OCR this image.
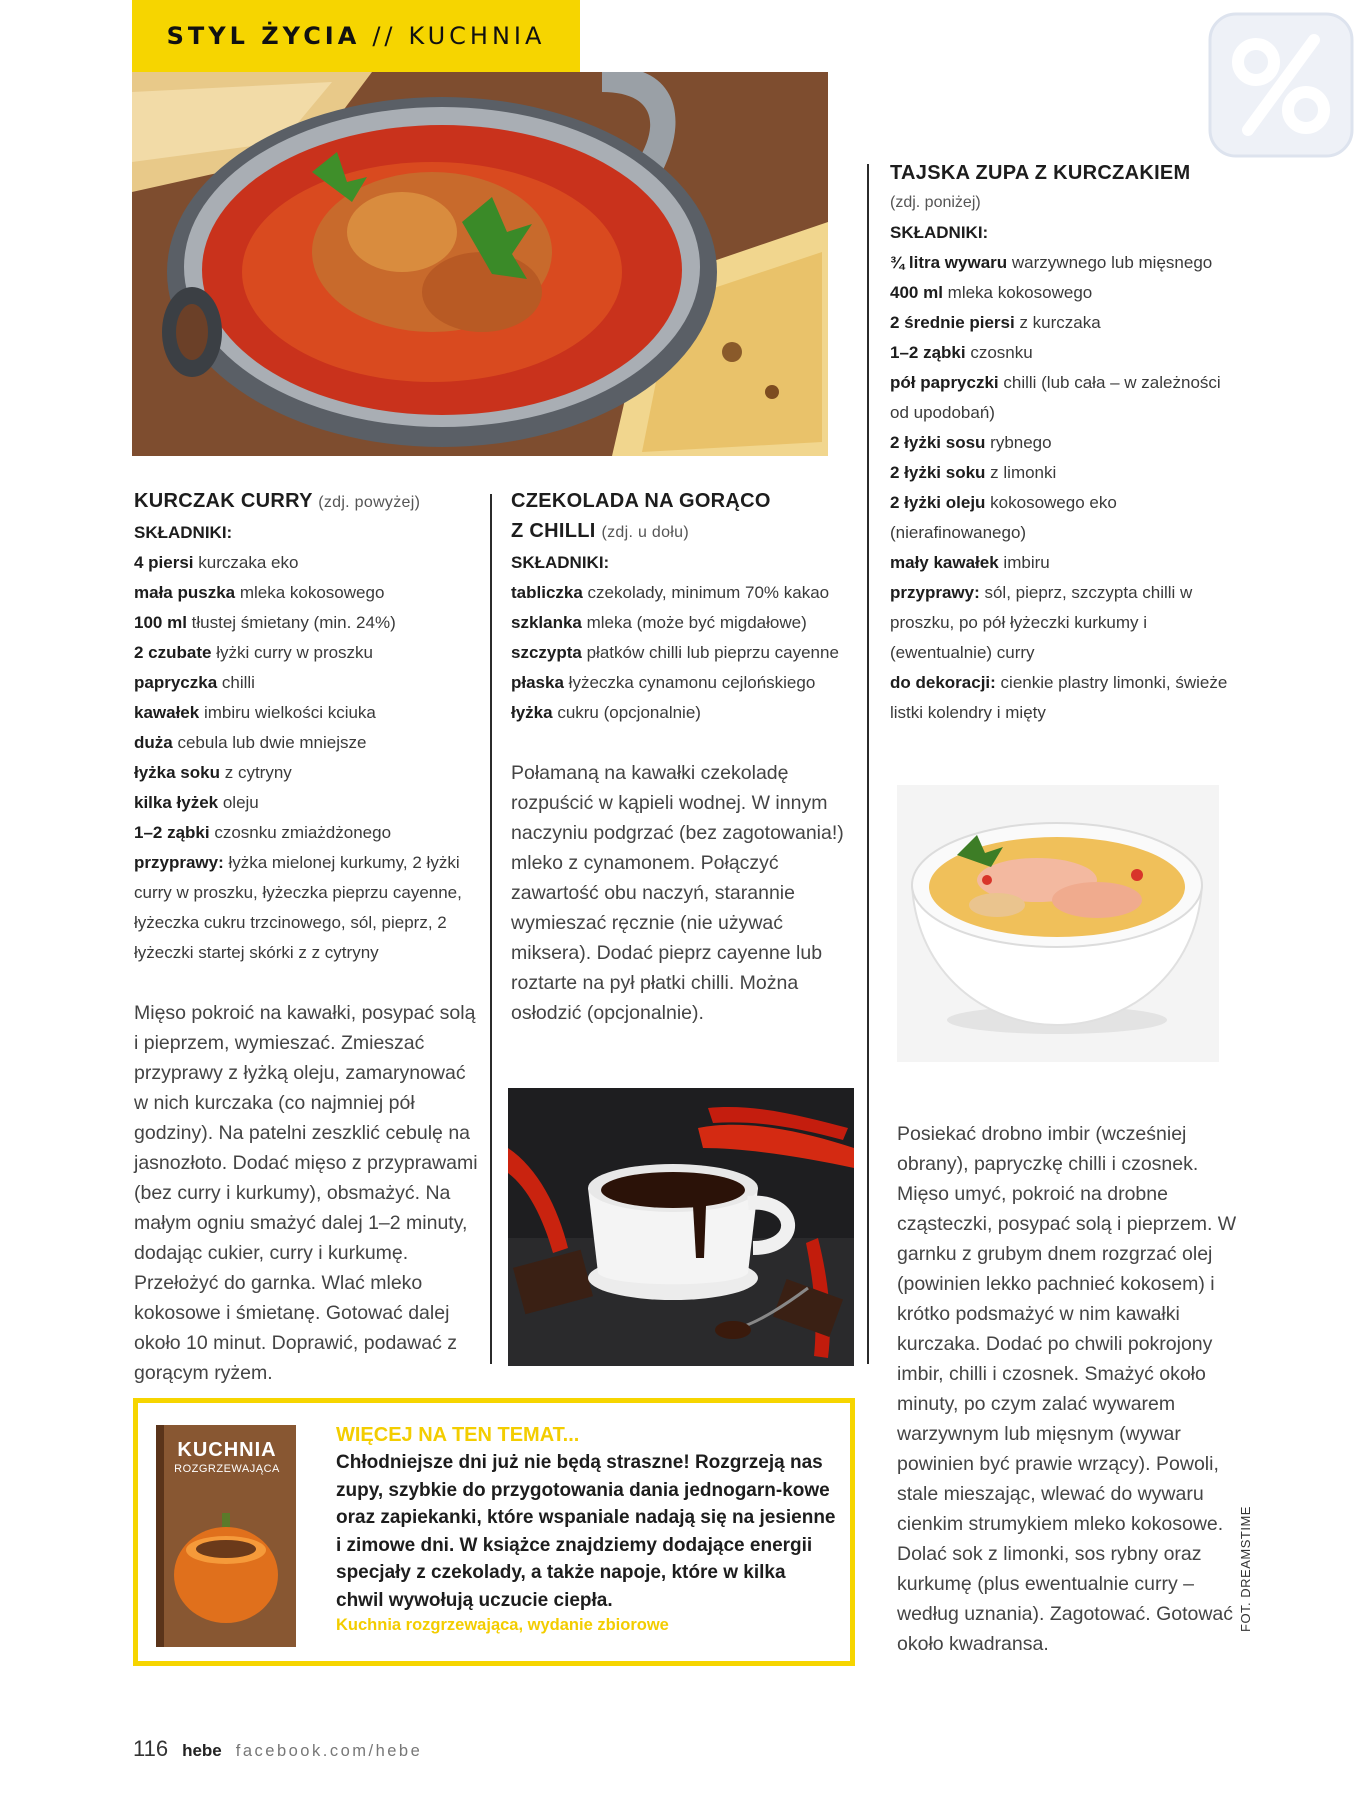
STYL ŻYCIA // KUCHNIA
KURCZAK CURRY (zdj. powyżej)
SKŁADNIKI:
4 piersi kurczaka eko
mała puszka mleka kokosowego
100 ml tłustej śmietany (min. 24%)
2 czubate łyżki curry w proszku
papryczka chilli
kawałek imbiru wielkości kciuka
duża cebula lub dwie mniejsze
łyżka soku z cytryny
kilka łyżek oleju
1–2 ząbki czosnku zmiażdżonego
przyprawy: łyżka mielonej kurkumy, 2 łyżki curry w proszku, łyżeczka pieprzu cayenne, łyżeczka cukru trzcinowego, sól, pieprz, 2 łyżeczki startej skórki z z cytryny

Mięso pokroić na kawałki, posypać solą i pieprzem, wymieszać. Zmieszać przyprawy z łyżką oleju, zamarynować w nich kurczaka (co najmniej pół godziny). Na patelni zeszklić cebulę na jasnozłoto. Dodać mięso z przyprawami (bez curry i kurkumy), obsmażyć. Na małym ogniu smażyć dalej 1–2 minuty, dodając cukier, curry i kurkumę. Przełożyć do garnka. Wlać mleko kokosowe i śmietanę. Gotować dalej około 10 minut. Doprawić, podawać z gorącym ryżem.

CZEKOLADA NA GORĄCO
Z CHILLI (zdj. u dołu)
SKŁADNIKI:
tabliczka czekolady, minimum 70% kakao
szklanka mleka (może być migdałowe)
szczypta płatków chilli lub pieprzu cayenne
płaska łyżeczka cynamonu cejlońskiego
łyżka cukru (opcjonalnie)

Połamaną na kawałki czekoladę rozpuścić w kąpieli wodnej. W innym naczyniu podgrzać (bez zagotowania!) mleko z cynamonem. Połączyć zawartość obu naczyń, starannie wymieszać ręcznie (nie używać miksera). Dodać pieprz cayenne lub roztarte na pył płatki chilli. Można osłodzić (opcjonalnie).

TAJSKA ZUPA Z KURCZAKIEM
(zdj. poniżej)
SKŁADNIKI:
¾ litra wywaru warzywnego lub mięsnego
400 ml mleka kokosowego
2 średnie piersi z kurczaka
1–2 ząbki czosnku
pół papryczki chilli (lub cała – w zależności od upodobań)
2 łyżki sosu rybnego
2 łyżki soku z limonki
2 łyżki oleju kokosowego eko (nierafinowanego)
mały kawałek imbiru
przyprawy: sól, pieprz, szczypta chilli w proszku, po pół łyżeczki kurkumy i (ewentualnie) curry
do dekoracji: cienkie plastry limonki, świeże listki kolendry i mięty

Posiekać drobno imbir (wcześniej obrany), papryczkę chilli i czosnek. Mięso umyć, pokroić na drobne cząsteczki, posypać solą i pieprzem. W garnku z grubym dnem rozgrzać olej (powinien lekko pachnieć kokosem) i krótko podsmażyć w nim kawałki kurczaka. Dodać po chwili pokrojony imbir, chilli i czosnek. Smażyć około minuty, po czym zalać wywarem warzywnym lub mięsnym (wywar powinien być prawie wrzący). Powoli, stale mieszając, wlewać do wywaru cienkim strumykiem mleko kokosowe. Dolać sok z limonki, sos rybny oraz kurkumę (plus ewentualnie curry – według uznania). Zagotować. Gotować około kwadransa.

KUCHNIA
ROZGRZEWAJĄCA
WIĘCEJ NA TEN TEMAT...
Chłodniejsze dni już nie będą straszne! Rozgrzeją nas zupy, szybkie do przygotowania dania jednogarn-kowe oraz zapiekanki, które wspaniale nadają się na jesienne i zimowe dni. W książce znajdziemy dodające energii specjały z czekolady, a także napoje, które w kilka chwil wywołują uczucie ciepła.
Kuchnia rozgrzewająca, wydanie zbiorowe
116 hebe facebook.com/hebe
FOT. DREAMSTIME
